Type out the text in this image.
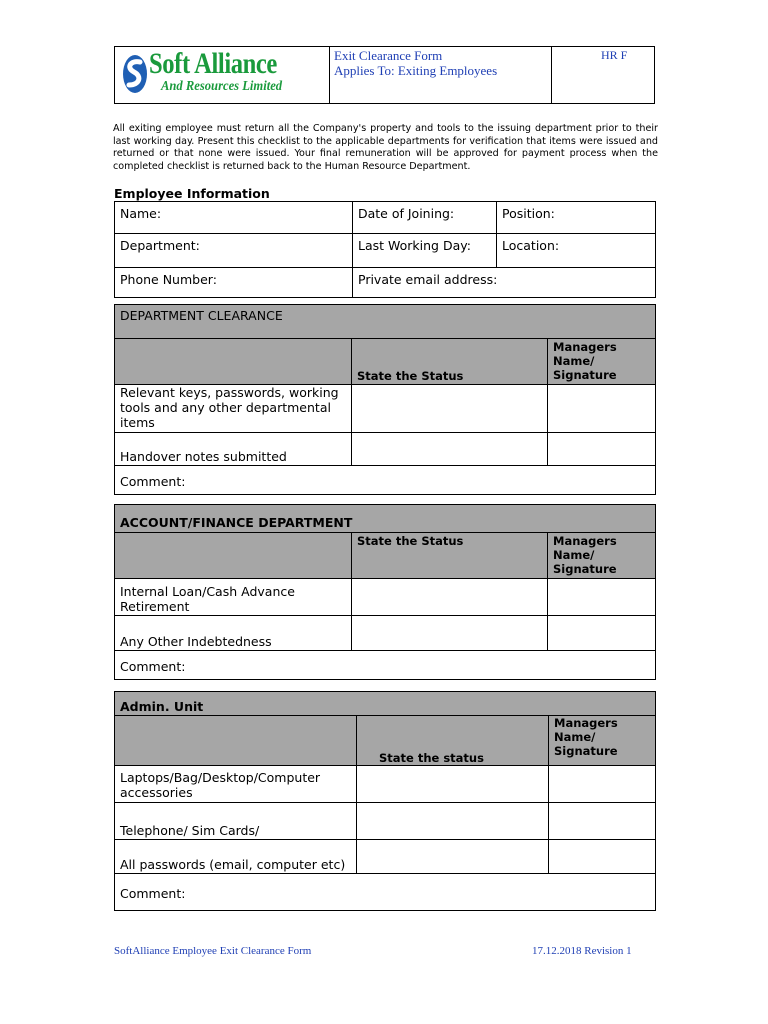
Soft Alliance
And Resources Limited
Exit Clearance Form
Applies To: Exiting Employees
HR F
All exiting employee must return all the Company's property and tools to the issuing department prior to their last working day. Present this checklist to the applicable departments for verification that items were issued and returned or that none were issued. Your final remuneration will be approved for payment process when the completed checklist is returned back to the Human Resource Department.
Employee Information
Name:	Date of Joining:	Position:
Department:	Last Working Day:	Location:
Phone Number:	Private email address:	
DEPARTMENT CLEARANCE		
	State the Status	Managers Name/ Signature
Relevant keys, passwords, working tools and any other departmental items		
Handover notes submitted		
Comment:		
ACCOUNT/FINANCE DEPARTMENT		
	State the Status	Managers Name/ Signature
Internal Loan/Cash Advance Retirement		
Any Other Indebtedness		
Comment:		
Admin. Unit		
	State the status	Managers Name/ Signature
Laptops/Bag/Desktop/Computer accessories		
Telephone/ Sim Cards/		
All passwords (email, computer etc)		
Comment:		
SoftAlliance Employee Exit Clearance Form	17.12.2018 Revision 1
